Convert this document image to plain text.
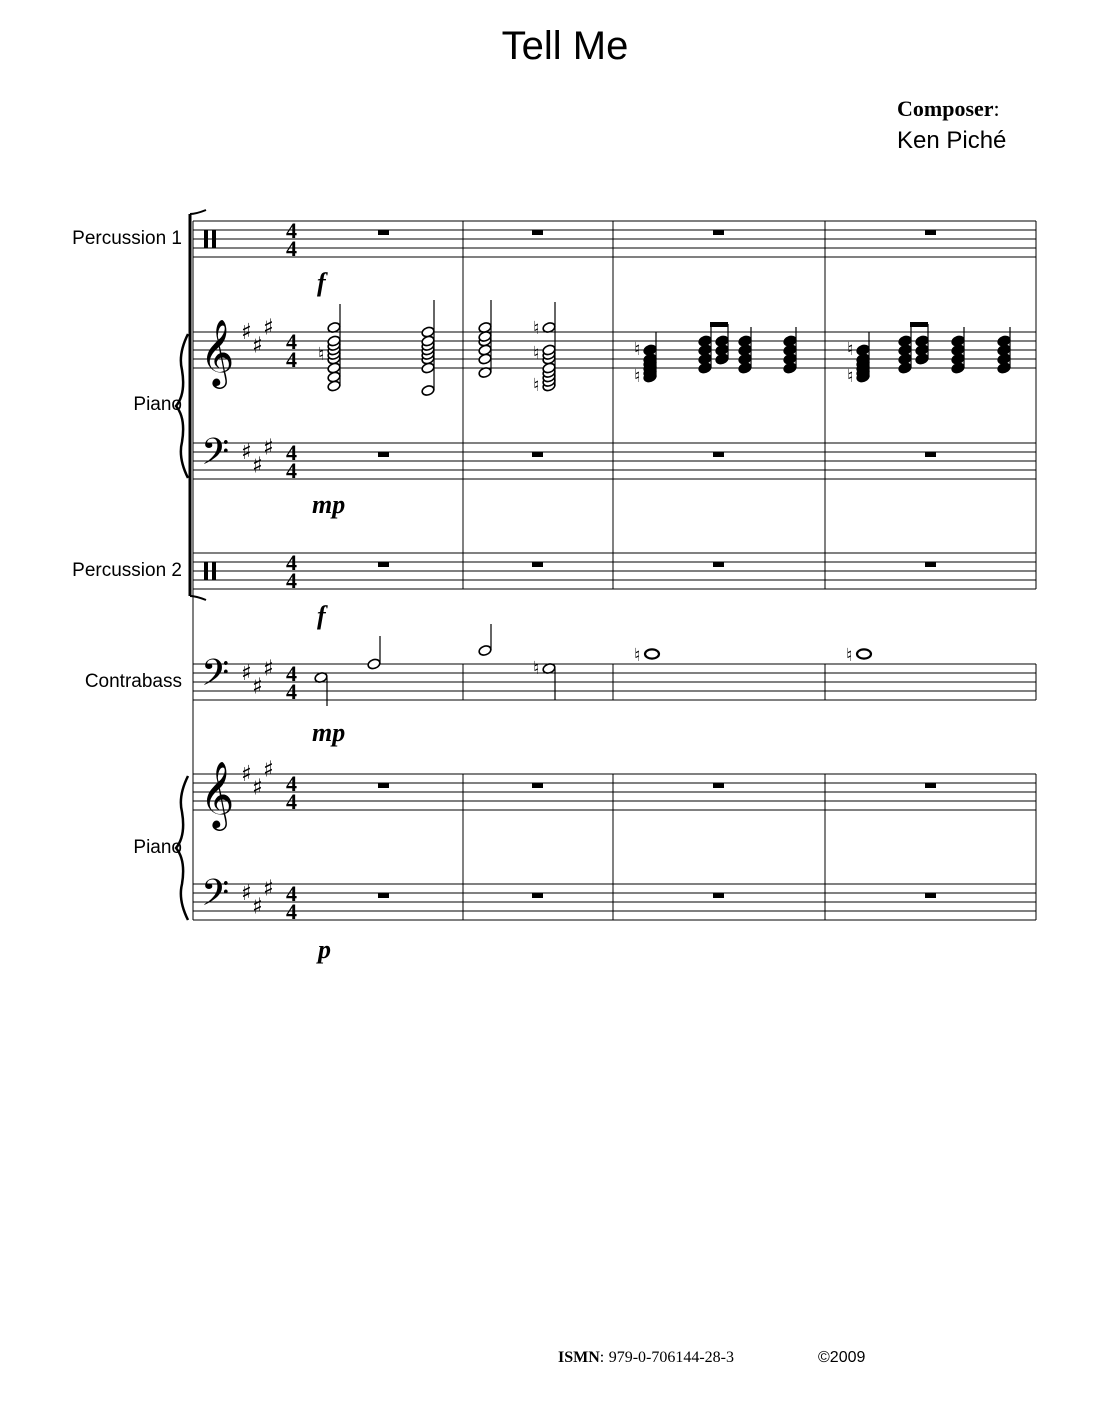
Tell Me
Composer:
Ken Piché
Percussion 1
Piano
Percussion 2
Contrabass
Piano
f
mp
f
mp
p
𝄞
𝄢
𝄢
𝄞
𝄢
♯
♯
♯
♯
♯
♯
♯
♯
♯
♯
♯
♯
♯
♯
♯
4
4
4
4
4
4
4
4
4
4
4
4
4
4
♮
♮
♮
♮
♮
♮
♮
♮
♮
♮	♮
ISMN: 979-0-706144-28-3	©2009
